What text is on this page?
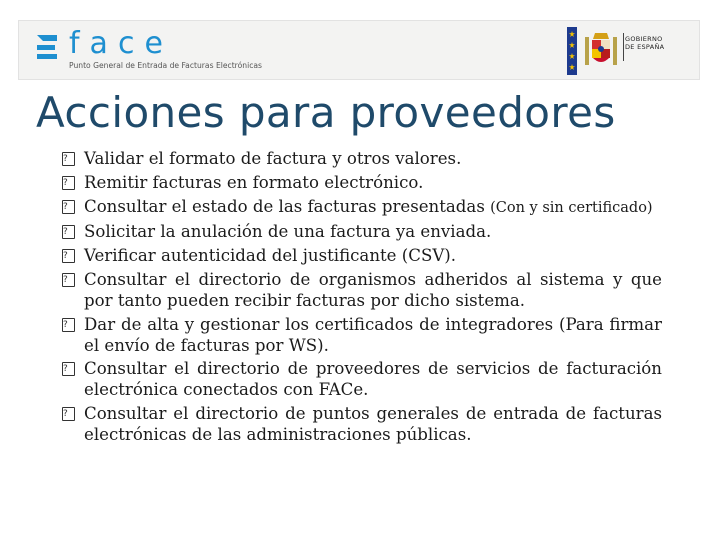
face
Punto General de Entrada de Facturas Electrónicas
GOBIERNO
DE ESPAÑA
Acciones para proveedores
? Validar el formato de factura y otros valores.
? Remitir facturas en formato electrónico.
? Consultar el estado de las facturas presentadas (Con y sin certificado)
? Solicitar la anulación de una factura ya enviada.
? Verificar autenticidad del justificante (CSV).
? Consultar el directorio de organismos adheridos al sistema y que por tanto pueden recibir facturas por dicho sistema.
? Dar de alta y gestionar los certificados de integradores (Para firmar el envío de facturas por WS).
? Consultar el directorio de proveedores de servicios de facturación electrónica conectados con FACe.
? Consultar el directorio de puntos generales de entrada de facturas electrónicas de las administraciones públicas.
